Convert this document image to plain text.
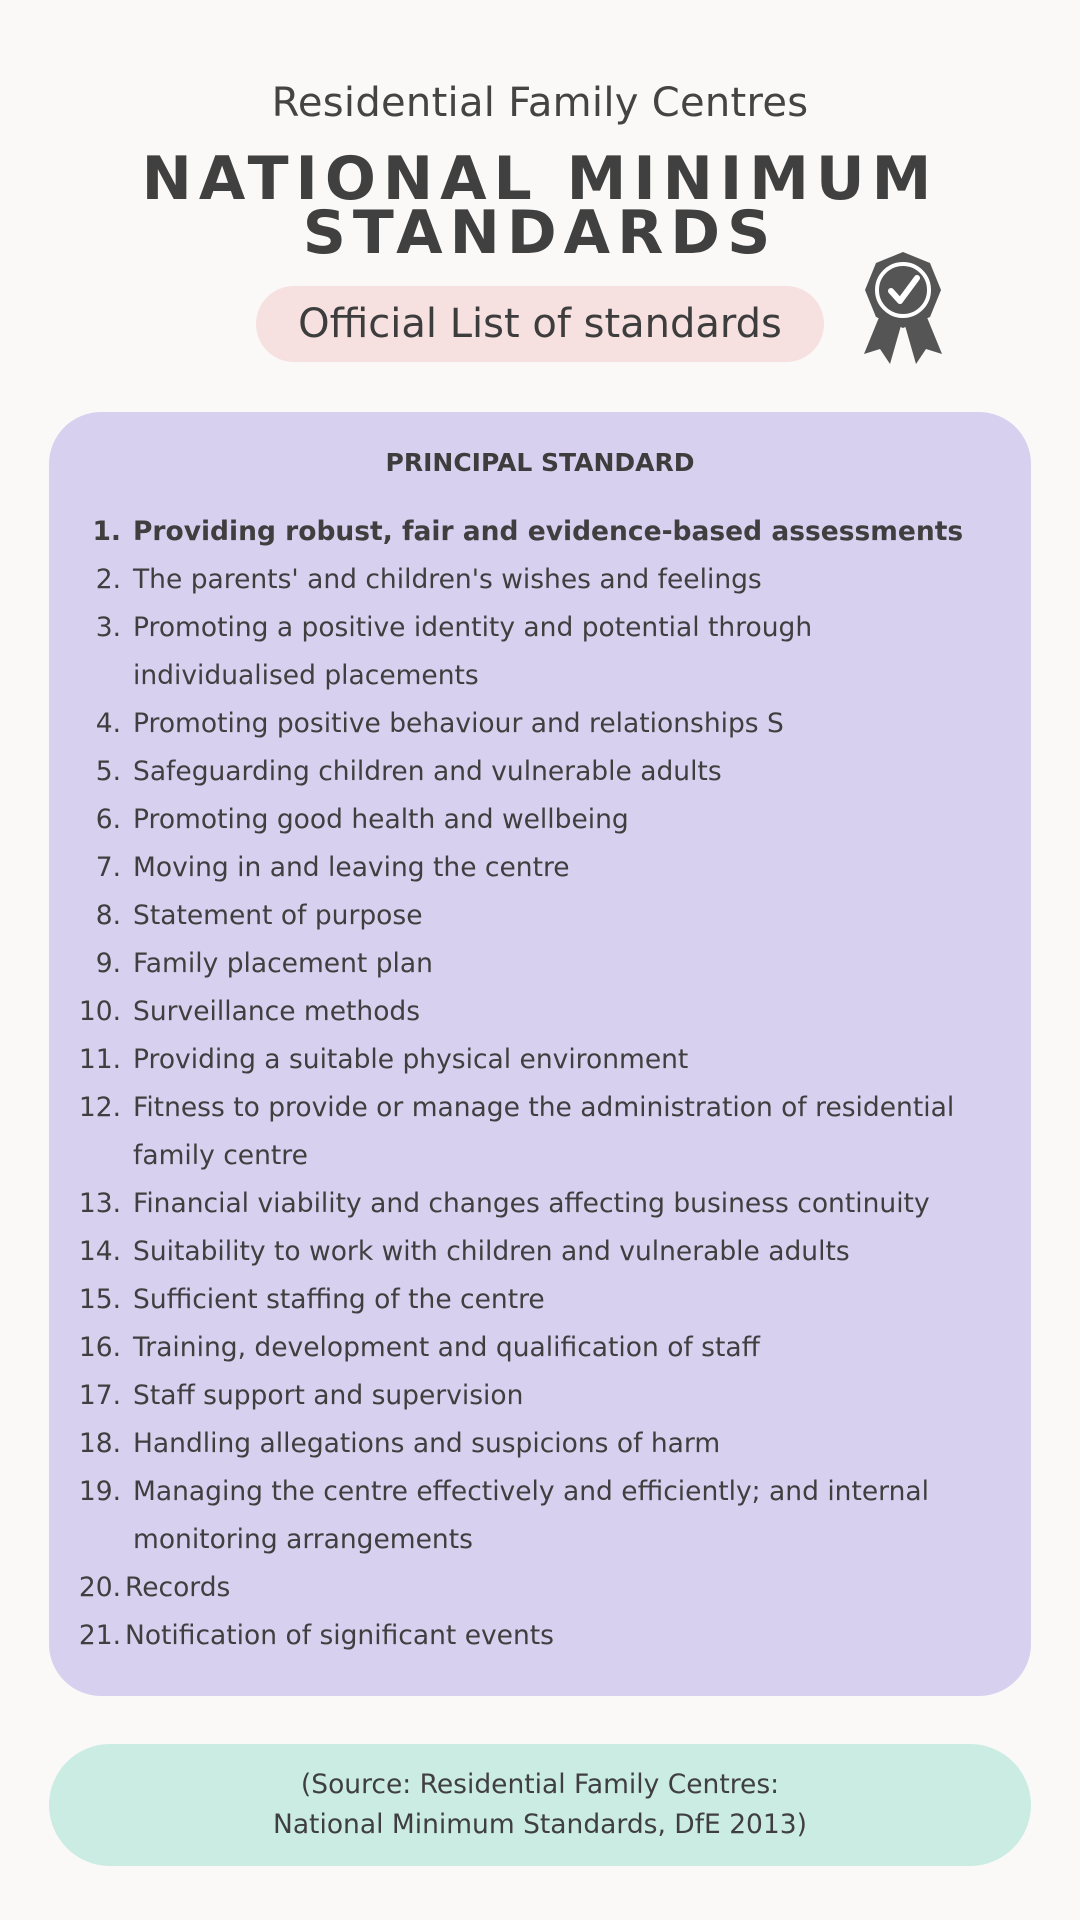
Residential Family Centres
NATIONAL MINIMUM
STANDARDS
Official List of standards
PRINCIPAL STANDARD
1. Providing robust, fair and evidence-based assessments
2. The parents' and children's wishes and feelings
3. Promoting a positive identity and potential through individualised placements
4. Promoting positive behaviour and relationships S
5. Safeguarding children and vulnerable adults
6. Promoting good health and wellbeing
7. Moving in and leaving the centre
8. Statement of purpose
9. Family placement plan
10. Surveillance methods
11. Providing a suitable physical environment
12. Fitness to provide or manage the administration of residential family centre
13. Financial viability and changes affecting business continuity
14. Suitability to work with children and vulnerable adults
15. Sufficient staffing of the centre
16. Training, development and qualification of staff
17. Staff support and supervision
18. Handling allegations and suspicions of harm
19. Managing the centre effectively and efficiently; and internal monitoring arrangements
20. Records
21. Notification of significant events
(Source: Residential Family Centres:
National Minimum Standards, DfE 2013)
